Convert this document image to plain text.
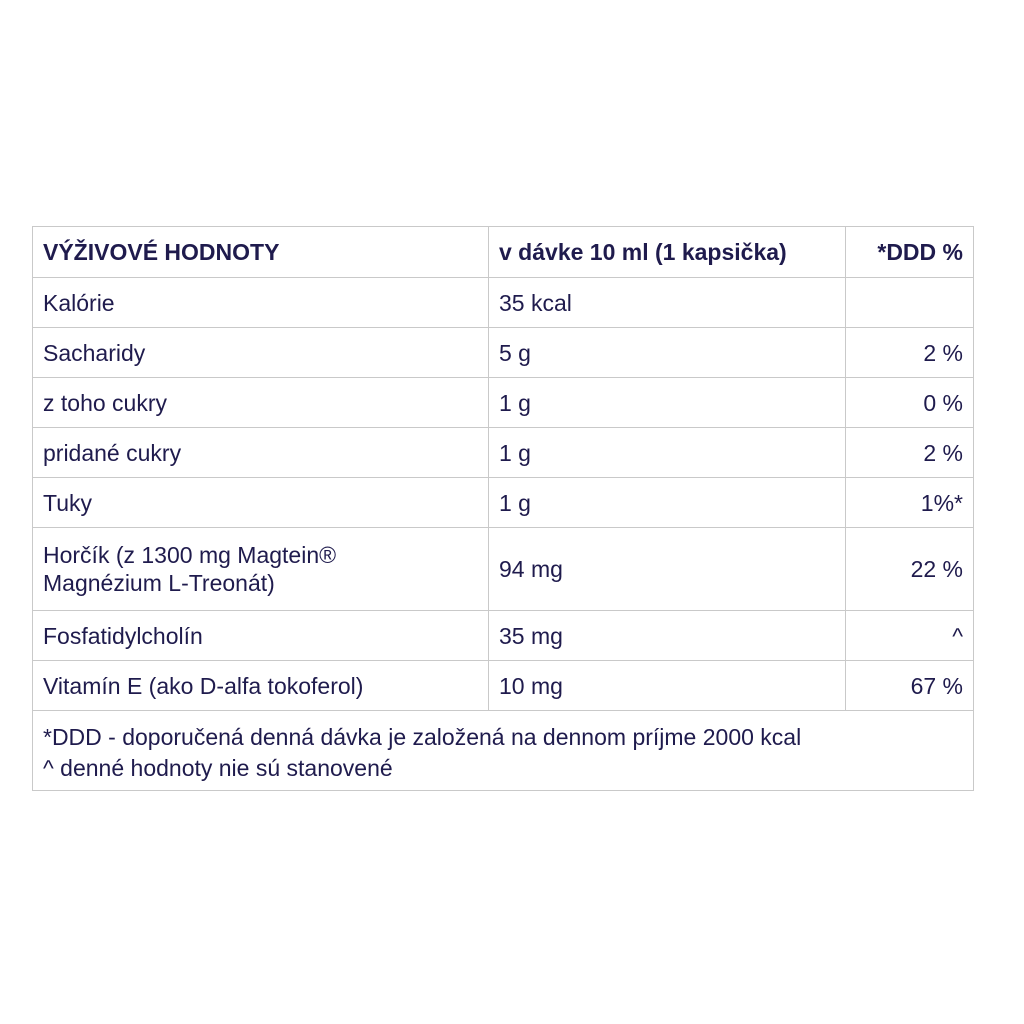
VÝŽIVOVÉ HODNOTY	v dávke 10 ml (1 kapsička)	*DDD %
Kalórie	35 kcal	
Sacharidy	5 g	2 %
z toho cukry	1 g	0 %
pridané cukry	1 g	2 %
Tuky	1 g	1%*

Horčík (z 1300 mg Magtein®
Magnézium L-Treonát)	94 mg	22 %
Fosfatidylcholín	35 mg	^
Vitamín E (ako D-alfa tokoferol)	10 mg	67 %

*DDD - doporučená denná dávka je založená na dennom príjme 2000 kcal
^ denné hodnoty nie sú stanovené		
